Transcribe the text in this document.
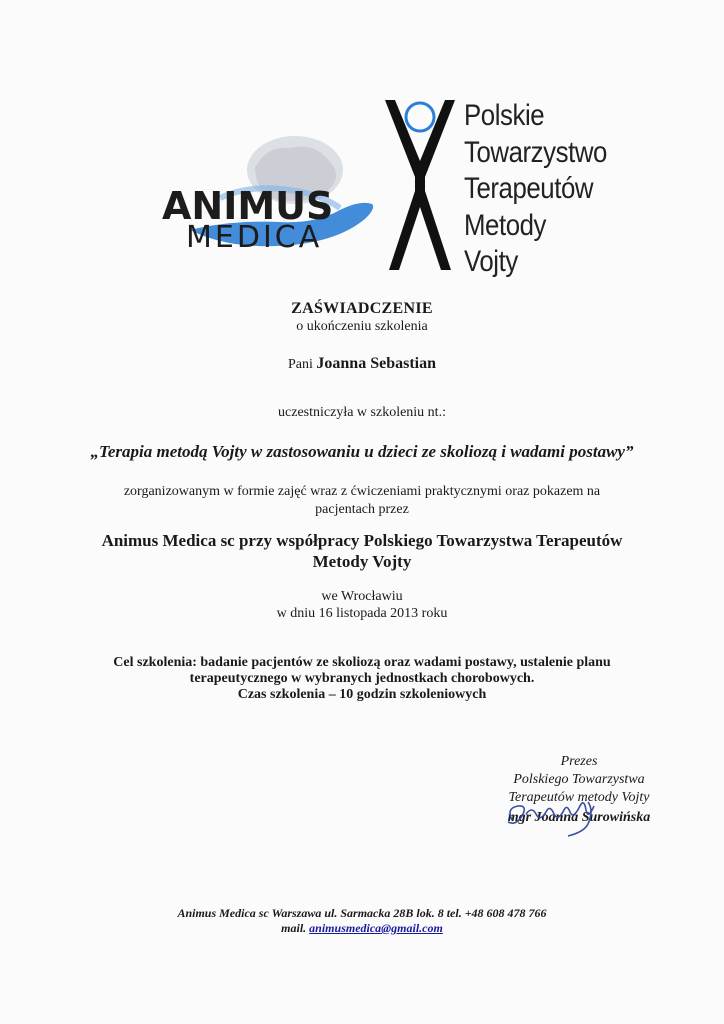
ANIMUS
MEDICA
Polskie
Towarzystwo
Terapeutów
Metody
Vojty
ZAŚWIADCZENIE
o ukończeniu szkolenia
Pani Joanna Sebastian
uczestniczyła w szkoleniu nt.:
„Terapia metodą Vojty w zastosowaniu u dzieci ze skoliozą i wadami postawy”
zorganizowanym w formie zajęć wraz z ćwiczeniami praktycznymi oraz pokazem na pacjentach przez
Animus Medica sc przy współpracy Polskiego Towarzystwa Terapeutów Metody Vojty
we Wrocławiu
w dniu 16 listopada 2013 roku
Cel szkolenia: badanie pacjentów ze skoliozą oraz wadami postawy, ustalenie planu terapeutycznego w wybranych jednostkach chorobowych.
Czas szkolenia – 10 godzin szkoleniowych
Prezes
Polskiego Towarzystwa
Terapeutów metody Vojty
mgr Joanna Surowińska
Animus Medica sc Warszawa ul. Sarmacka 28B lok. 8 tel. +48 608 478 766
mail. animusmedica@gmail.com
